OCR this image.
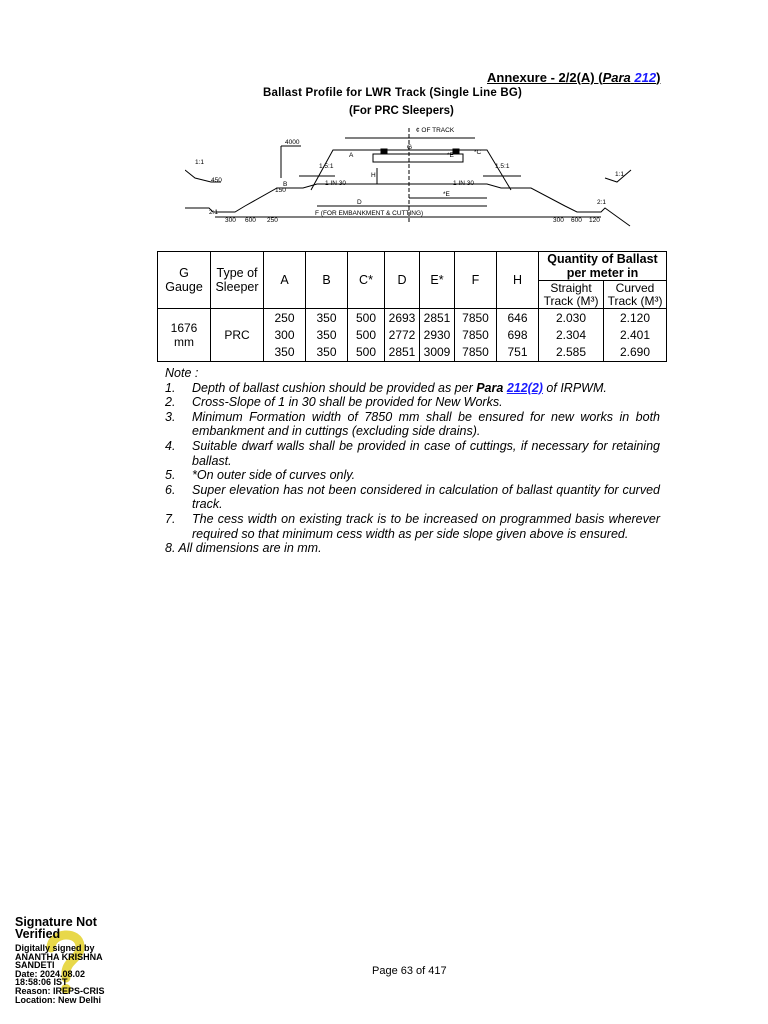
Annexure - 2/2(A) (Para 212)
Ballast Profile for LWR Track (Single Line BG)
(For PRC Sleepers)
¢ OF TRACK
G
A	*E	*C
H
B
D
*E
F (FOR EMBANKMENT & CUTTING)
1 IN 30	1 IN 30
1.5:1	1.5:1
1:1
1:1
2:1
2:1
4000
450
150
300 600	300 600
250	120
G Gauge	Type of Sleeper	A	B	C*	D	E*	F	H	Quantity of Ballast per meter in	
									Straight Track (M³)	Curved Track (M³)
1676 mm	PRC	250	350	500	2693	2851	7850	646	2.030	2.120
		300	350	500	2772	2930	7850	698	2.304	2.401
		350	350	500	2851	3009	7850	751	2.585	2.690

Note :

1.	Depth of ballast cushion should be provided as per Para 212(2) of IRPWM.
2.	Cross-Slope of 1 in 30 shall be provided for New Works.
3.	Minimum Formation width of 7850 mm shall be ensured for new works in both embankment and in cuttings (excluding side drains).
4.	Suitable dwarf walls shall be provided in case of cuttings, if necessary for retaining ballast.
5.	*On outer side of curves only.
6.	Super elevation has not been considered in calculation of ballast quantity for curved track.
7.	The cess width on existing track is to be increased on programmed basis wherever required so that minimum cess width as per side slope given above is ensured.

8. All dimensions are in mm.

Signature Not Verified
Digitally signed by
ANANTHA KRISHNA
SANDETI
Date: 2024.08.02
18:58:06 IST
Reason: IREPS-CRIS
Location: New Delhi
Page 63 of 417
